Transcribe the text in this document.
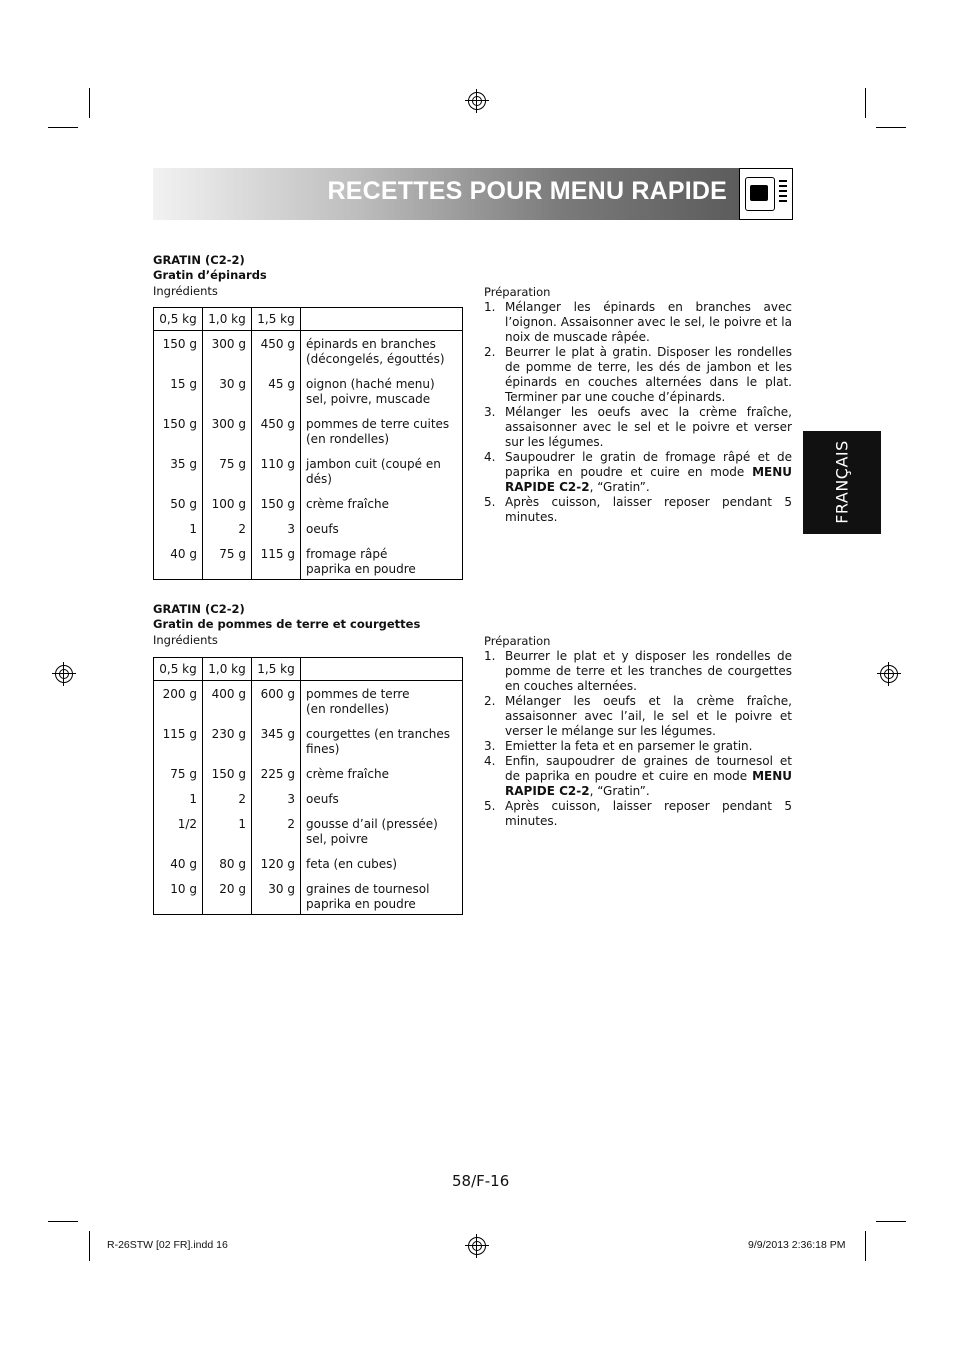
RECETTES POUR MENU RAPIDE
FRANÇAIS
GRATIN (C2-2)
Gratin d’épinards
Ingrédients
0,5 kg	1,0 kg	1,5 kg	
150 g	300 g	450 g	épinards en branches
(décongelés, égouttés)

15 g	30 g	45 g	oignon (haché menu)
sel, poivre, muscade

150 g	300 g	450 g	pommes de terre cuites
(en rondelles)

35 g	75 g	110 g	jambon cuit (coupé en dés)

50 g	100 g	150 g	crème fraîche

1	2	3	oeufs

40 g	75 g	115 g	fromage râpé
paprika en poudre
Préparation
1. Mélanger les épinards en branches avec l’oignon. Assaisonner avec le sel, le poivre et la noix de muscade râpée.
2. Beurrer le plat à gratin. Disposer les rondelles de pomme de terre, les dés de jambon et les épinards en couches alternées dans le plat. Terminer par une couche d’épinards.
3. Mélanger les oeufs avec la crème fraîche, assaisonner avec le sel et le poivre et verser sur les légumes.
4. Saupoudrer le gratin de fromage râpé et de paprika en poudre et cuire en mode MENU RAPIDE C2-2, “Gratin”.
5. Après cuisson, laisser reposer pendant 5 minutes.
GRATIN (C2-2)
Gratin de pommes de terre et courgettes
Ingrédients
0,5 kg	1,0 kg	1,5 kg	
200 g	400 g	600 g	pommes de terre
(en rondelles)

115 g	230 g	345 g	courgettes (en tranches
fines)

75 g	150 g	225 g	crème fraîche

1	2	3	oeufs

1/2	1	2	gousse d’ail (pressée)
sel, poivre

40 g	80 g	120 g	feta (en cubes)

10 g	20 g	30 g	graines de tournesol
paprika en poudre
Préparation
1. Beurrer le plat et y disposer les rondelles de pomme de terre et les tranches de courgettes en couches alternées.
2. Mélanger les oeufs et la crème fraîche, assaisonner avec l’ail, le sel et le poivre et verser le mélange sur les légumes.
3. Emietter la feta et en parsemer le gratin.
4. Enfin, saupoudrer de graines de tournesol et de paprika en poudre et cuire en mode MENU RAPIDE C2-2, “Gratin”.
5. Après cuisson, laisser reposer pendant 5 minutes.
58/F-16
R-26STW [02 FR].indd 16	9/9/2013 2:36:18 PM
